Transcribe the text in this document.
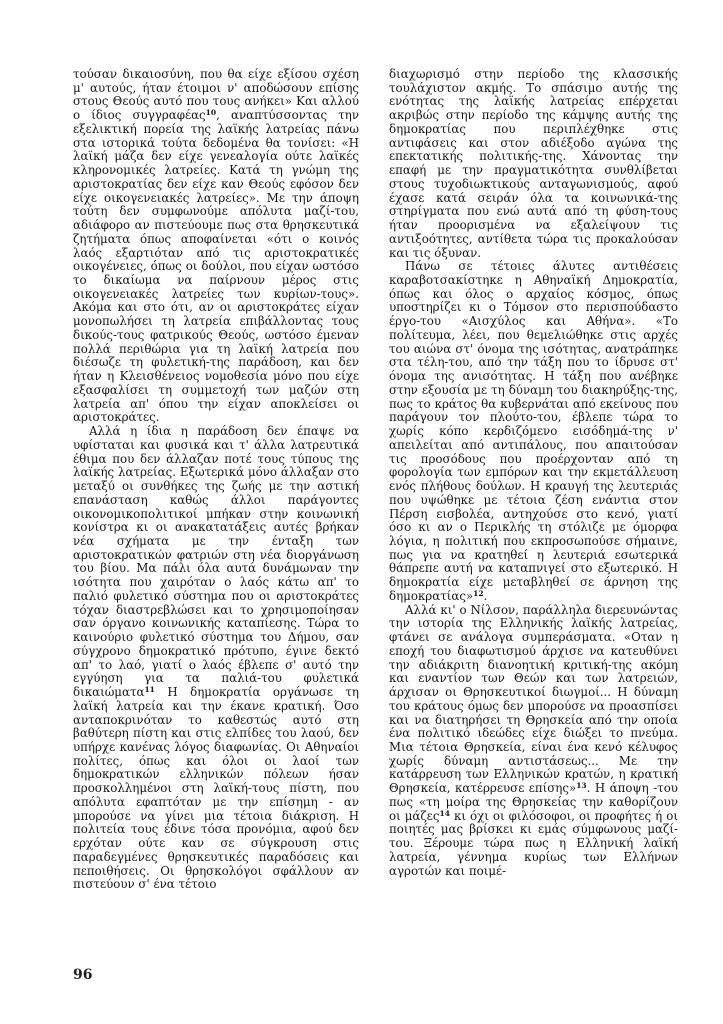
τούσαν δικαιοσύνη, που θα είχε εξίσου σχέση μ' αυτούς, ήταν έτοιμοι ν' αποδώσουν επίσης στους Θεούς αυτό που τους ανήκει» Και αλλού ο ίδιος συγγραφέας$^{10}$, αναπτύσσοντας την εξελικτική πορεία της λαϊκής λατρείας πάνω στα ιστορικά τούτα δεδομένα θα τονίσει: «Η λαϊκή μάζα δεν είχε γενεαλογία ούτε λαϊκές κληρονομικές λατρείες. Κατά τη γνώμη της αριστοκρατίας δεν είχε καν Θεούς εφόσον δεν είχε οικογενειακές λατρείες». Με την άποψη τούτη δεν συμφωνούμε απόλυτα μαζί-του, αδιάφορο αν πιστεύουμε πως στα θρησκευτικά ζητήματα όπως αποφαίνεται «ότι ο κοινός λαός εξαρτιόταν από τις αριστοκρατικές οικογένειες, όπως οι δούλοι, που είχαν ωστόσο το δικαίωμα να παίρνουν μέρος στις οικογενειακές λατρείες των κυρίων-τους». Ακόμα και στο ότι, αν οι αριστοκράτες είχαν μονοπωλήσει τη λατρεία επιβάλλοντας τους δικούς-τους φατρικούς Θεούς, ωστόσο έμεναν πολλά περιθώρια για τη λαϊκή λατρεία που διέσωζε τη φυλετική-της παράδοση, και δεν ήταν η Κλεισθένειος νομοθεσία μόνο που είχε εξασφαλίσει τη συμμετοχή των μαζών στη λατρεία απ' όπου την είχαν αποκλείσει οι αριστοκράτες.

Αλλά η ίδια η παράδοση δεν έπαψε να υφίσταται και φυσικά και τ' άλλα λατρευτικά έθιμα που δεν άλλαζαν ποτέ τους τύπους της λαϊκής λατρείας. Εξωτερικά μόνο άλλαξαν στο μεταξύ οι συνθήκες της ζωής με την αστική επανάσταση καθώς άλλοι παράγοντες οικονομικοπολιτικοί μπήκαν στην κοινωνική κονίστρα κι οι ανακατατάξεις αυτές βρήκαν νέα σχήματα με την ένταξη των αριστοκρατικών φατριών στη νέα διοργάνωση του βίου. Μα πάλι όλα αυτά δυνάμωναν την ισότητα που χαιρόταν ο λαός κάτω απ' το παλιό φυλετικό σύστημα που οι αριστοκράτες τόχαν διαστρεβλώσει και το χρησιμοποίησαν σαν όργανο κοινωνικής καταπίεσης. Τώρα το καινούριο φυλετικό σύστημα του Δήμου, σαν σύγχρονο δημοκρατικό πρότυπο, έγινε δεκτό απ' το λαό, γιατί ο λαός έβλεπε σ' αυτό την εγγύηση για τα παλιά-του φυλετικά δικαιώματα$^{11}$ Η δημοκρατία οργάνωσε τη λαϊκή λατρεία και την έκανε κρατική. Όσο ανταποκρινόταν το καθεστώς αυτό στη βαθύτερη πίστη και στις ελπίδες του λαού, δεν υπήρχε κανένας λόγος διαφωνίας. Οι Αθηναίοι πολίτες, όπως και όλοι οι λαοί των δημοκρατικών ελληνικών πόλεων ήσαν προσκολλημένοι στη λαϊκή-τους πίστη, που απόλυτα εφαπτόταν με την επίσημη - αν μπορούσε να γίνει μια τέτοια διάκριση. Η πολιτεία τους έδινε τόσα προνόμια, αφού δεν ερχόταν ούτε καν σε σύγκρουση στις παραδεγμένες θρησκευτικές παραδόσεις και πεποιθήσεις. Οι θρησκολόγοι σφάλλουν αν πιστεύουν σ' ένα τέτοιο

διαχωρισμό στην περίοδο της κλασσικής τουλάχιστον ακμής. Το σπάσιμο αυτής της ενότητας της λαϊκής λατρείας επέρχεται ακριβώς στην περίοδο της κάμψης αυτής της δημοκρατίας που περιπλέχθηκε στις αντιφάσεις και στον αδιέξοδο αγώνα της επεκτατικής πολιτικής-της. Χάνοντας την επαφή με την πραγματικότητα συνθλίβεται στους τυχοδιωκτικούς ανταγωνισμούς, αφού έχασε κατά σειράν όλα τα κοινωνικά-της στηρίγματα που ενώ αυτά από τη φύση-τους ήταν προορισμένα να εξαλείψουν τις αντιξοότητες, αντίθετα τώρα τις προκαλούσαν και τις όξυναν.

Πάνω σε τέτοιες άλυτες αντιθέσεις καραβοτσακίστηκε η Αθηναϊκή Δημοκρατία, όπως και όλος ο αρχαίος κόσμος, όπως υποστηρίζει κι ο Τόμσον στο περισπούδαστο έργο-του «Αισχύλος και Αθήνα». «Το πολίτευμα, λέει, που θεμελιώθηκε στις αρχές του αιώνα στ' όνομα της ισότητας, ανατράπηκε στα τέλη-του, από την τάξη που το ίδρυσε στ' όνομα της ανισότητας. Η τάξη που ανέβηκε στην εξουσία με τη δύναμη του διακηρύξης-της, πως το κράτος θα κυβερνάται από εκείνους που παράγουν τον πλούτο-του, έβλεπε τώρα το χωρίς κόπο κερδιζόμενο εισόδημά-της ν' απειλείται από αντιπάλους, που απαιτούσαν τις προσόδους που προέρχονταν από τη φορολογία των εμπόρων και την εκμετάλλευση ενός πλήθους δούλων. Η κραυγή της λευτεριάς που υψώθηκε με τέτοια ζέση ενάντια στον Πέρση εισβολέα, αντηχούσε στο κενό, γιατί όσο κι αν ο Περικλής τη στόλιζε με όμορφα λόγια, η πολιτική που εκπροσωπούσε σήμαινε, πως για να κρατηθεί η λευτεριά εσωτερικά θάπρεπε αυτή να καταπνιγεί στο εξωτερικό. Η δημοκρατία είχε μεταβληθεί σε άρνηση της δημοκρατίας»$^{12}$.

Αλλά κι' ο Νίλσον, παράλληλα διερευνώντας την ιστορία της Ελληνικής λαϊκής λατρείας, φτάνει σε ανάλογα συμπεράσματα. «Οταν η εποχή του διαφωτισμού άρχισε να κατευθύνει την αδιάκριτη διανοητική κριτική-της ακόμη και εναντίον των Θεών και των λατρειών, άρχισαν οι Θρησκευτικοί διωγμοί... Η δύναμη του κράτους όμως δεν μπορούσε να προασπίσει και να διατηρήσει τη Θρησκεία από την οποία ένα πολιτικό ιδεώδες είχε διώξει το πνεύμα. Μια τέτοια Θρησκεία, είναι ένα κενό κέλυφος χωρίς δύναμη αντιστάσεως... Με την κατάρρευση των Ελληνικών κρατών, η κρατική Θρησκεία, κατέρρευσε επίσης»$^{13}$. Η άποψη -του πως «τη μοίρα της Θρησκείας την καθορίζουν οι μάζες$^{14}$ κι όχι οι φιλόσοφοι, οι προφήτες ή οι ποιητές μας βρίσκει κι εμάς σύμφωνους μαζί-του. Ξέρουμε τώρα πως η Ελληνική λαϊκή λατρεία, γέννημα κυρίως των Ελλήνων αγροτών και ποιμέ-

96
